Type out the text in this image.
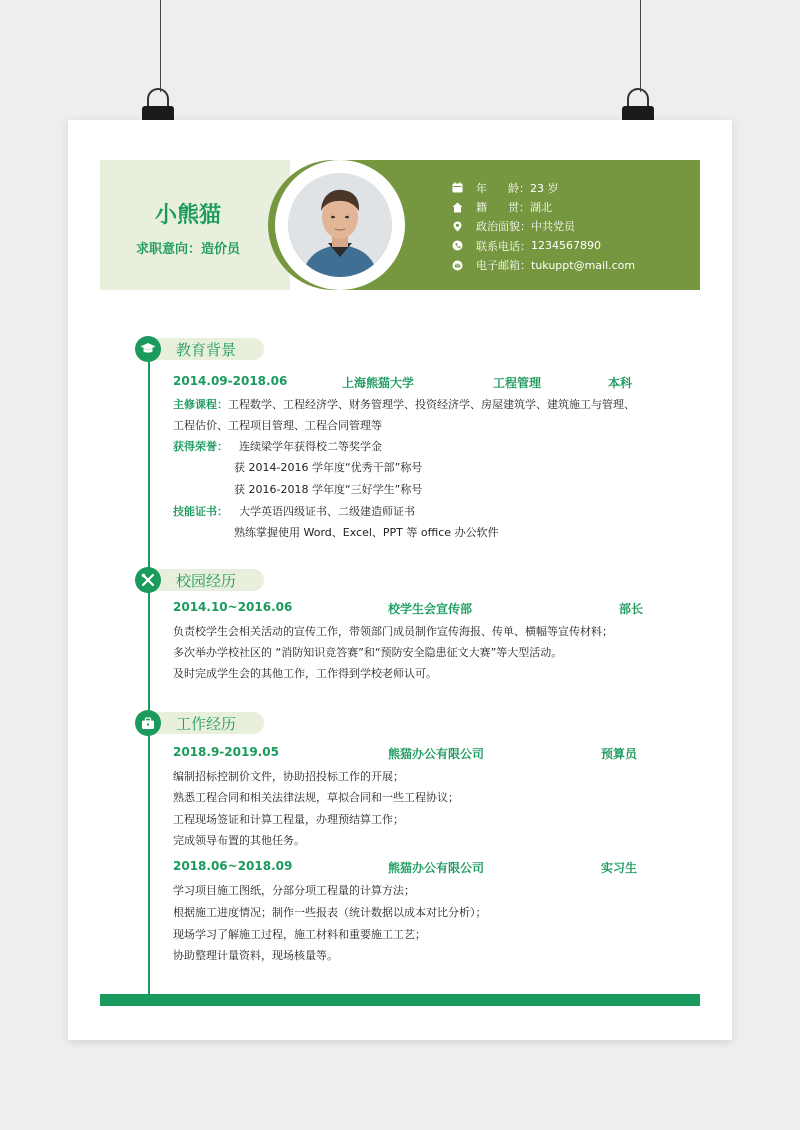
小熊猫
求职意向：造价员
年      龄： 23 岁
籍      贯： 湖北
政治面貌： 中共党员
联系电话： 1234567890
电子邮箱： tukuppt@mail.com
教育背景
2014.09-2018.06	上海熊猫大学	工程管理	本科
主修课程：工程数学、工程经济学、财务管理学、投资经济学、房屋建筑学、建筑施工与管理、
工程估价、工程项目管理、工程合同管理等
获得荣誉： 连续梁学年获得校二等奖学金
获 2014-2016 学年度“优秀干部”称号
获 2016-2018 学年度“三好学生”称号
技能证书： 大学英语四级证书、二级建造师证书
熟练掌握使用 Word、Excel、PPT 等 office 办公软件
校园经历
2014.10~2016.06	校学生会宣传部	部长
负责校学生会相关活动的宣传工作，带领部门成员制作宣传海报、传单、横幅等宣传材料；
多次举办学校社区的 “消防知识竞答赛”和“预防安全隐患征文大赛”等大型活动。
及时完成学生会的其他工作，工作得到学校老师认可。
工作经历
2018.9-2019.05	熊猫办公有限公司	预算员
编制招标控制价文件，协助招投标工作的开展；
熟悉工程合同和相关法律法规，草拟合同和一些工程协议；
工程现场签证和计算工程量，办理预结算工作；
完成领导布置的其他任务。
2018.06~2018.09	熊猫办公有限公司	实习生
学习项目施工图纸，分部分项工程量的计算方法；
根据施工进度情况；制作一些报表（统计数据以成本对比分析）；
现场学习了解施工过程，施工材料和重要施工工艺；
协助整理计量资料，现场核量等。
